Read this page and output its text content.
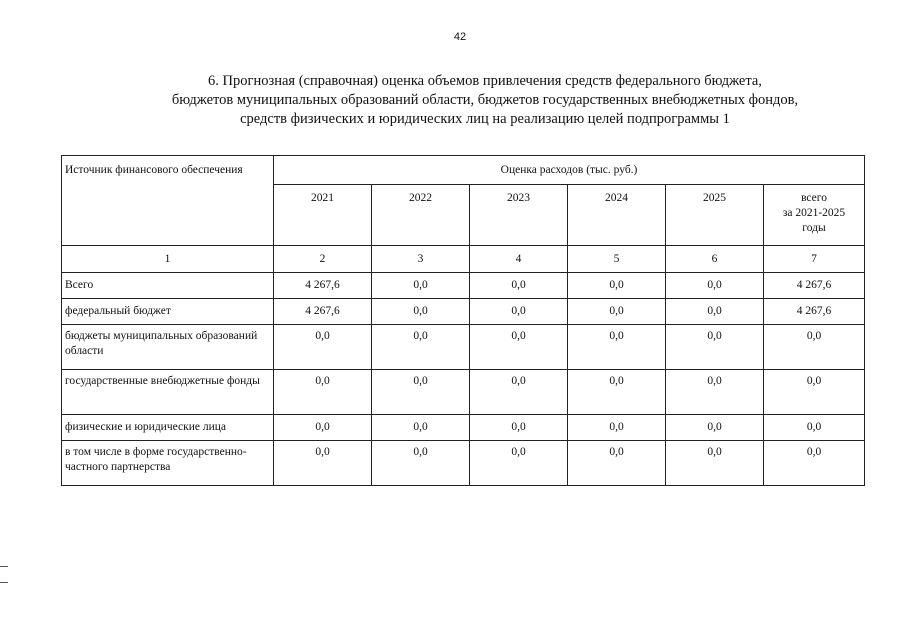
42
6. Прогнозная (справочная) оценка объемов привлечения средств федерального бюджета,
бюджетов муниципальных образований области, бюджетов государственных внебюджетных фондов,
средств физических и юридических лиц на реализацию целей подпрограммы 1
Источник финансового обеспечения	Оценка расходов (тыс. руб.)					
	2021	2022	2023	2024	2025	всего
за 2021-2025
годы

1	2	3	4	5	6	7
Всего	4 267,6	0,0	0,0	0,0	0,0	4 267,6
федеральный бюджет	4 267,6	0,0	0,0	0,0	0,0	4 267,6
бюджеты муниципальных образований области	0,0	0,0	0,0	0,0	0,0	0,0
государственные внебюджетные фонды	0,0	0,0	0,0	0,0	0,0	0,0
физические и юридические лица	0,0	0,0	0,0	0,0	0,0	0,0
в том числе в форме государственно-частного партнерства	0,0	0,0	0,0	0,0	0,0	0,0
